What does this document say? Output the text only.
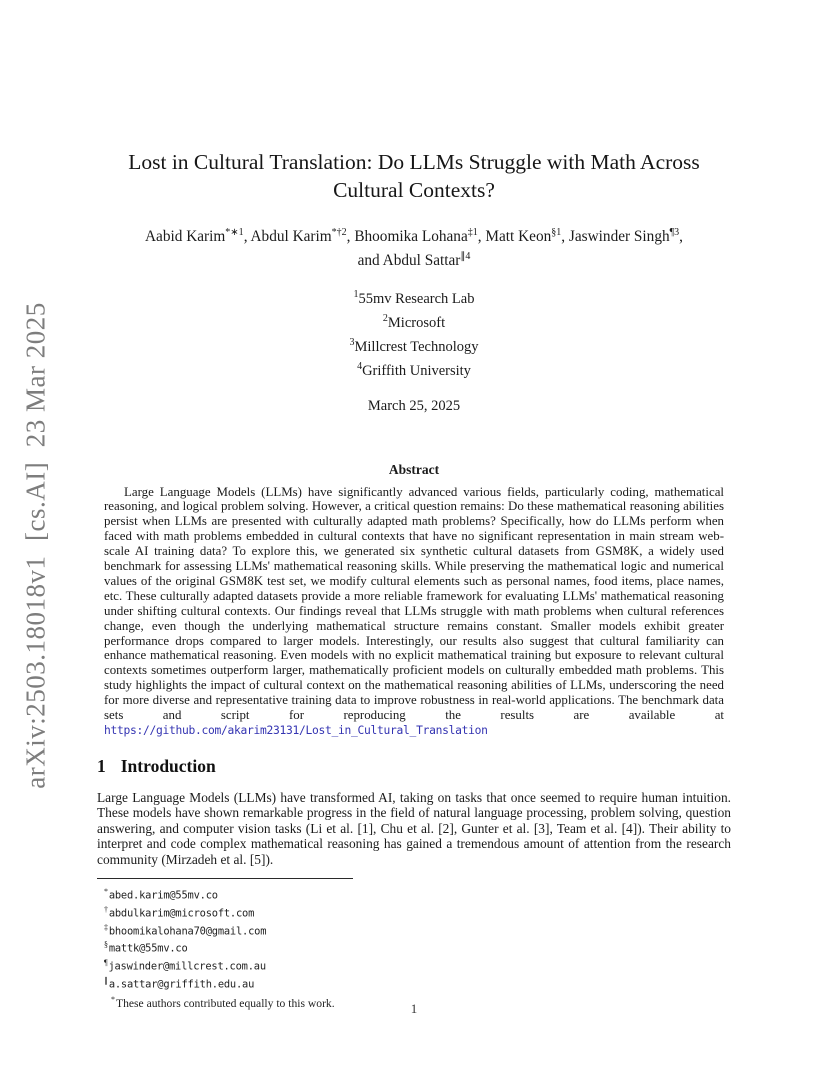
arXiv:2503.18018v1  [cs.AI]  23 Mar 2025
Lost in Cultural Translation: Do LLMs Struggle with Math Across
Cultural Contexts?
Aabid Karim$^{*∗1}$, Abdul Karim$^{*\dagger 2}$, Bhoomika Lohana$^{\ddagger 1}$, Matt Keon$^{\S 1}$, Jaswinder Singh$^{\P 3}$,
and Abdul Sattar$^{\parallel 4}$
$^1$55mv Research Lab
$^2$Microsoft
$^3$Millcrest Technology
$^4$Griffith University
March 25, 2025
Abstract

Large Language Models (LLMs) have significantly advanced various fields, particularly coding, mathematical reasoning, and logical problem solving. However, a critical question remains: Do these mathematical reasoning abilities persist when LLMs are presented with culturally adapted math problems? Specifically, how do LLMs perform when faced with math problems embedded in cultural contexts that have no significant representation in main stream web-scale AI training data? To explore this, we generated six synthetic cultural datasets from GSM8K, a widely used benchmark for assessing LLMs' mathematical reasoning skills. While preserving the mathematical logic and numerical values of the original GSM8K test set, we modify cultural elements such as personal names, food items, place names, etc. These culturally adapted datasets provide a more reliable framework for evaluating LLMs' mathematical reasoning under shifting cultural contexts. Our findings reveal that LLMs struggle with math problems when cultural references change, even though the underlying mathematical structure remains constant. Smaller models exhibit greater performance drops compared to larger models. Interestingly, our results also suggest that cultural familiarity can enhance mathematical reasoning. Even models with no explicit mathematical training but exposure to relevant cultural contexts sometimes outperform larger, mathematically proficient models on culturally embedded math problems. This study highlights the impact of cultural context on the mathematical reasoning abilities of LLMs, underscoring the need for more diverse and representative training data to improve robustness in real-world applications. The benchmark data sets and script for reproducing the results are available at https://github.com/akarim23131/Lost_in_Cultural_Translation

1 Introduction

Large Language Models (LLMs) have transformed AI, taking on tasks that once seemed to require human intuition. These models have shown remarkable progress in the field of natural language processing, problem solving, question answering, and computer vision tasks (Li et al. [1], Chu et al. [2], Gunter et al. [3], Team et al. [4]). Their ability to interpret and code complex mathematical reasoning has gained a tremendous amount of attention from the research community (Mirzadeh et al. [5]).

*abed.karim@55mv.co
†abdulkarim@microsoft.com
‡bhoomikalohana70@gmail.com
§mattk@55mv.co
¶jaswinder@millcrest.com.au
∥a.sattar@griffith.edu.au
*These authors contributed equally to this work.	1
